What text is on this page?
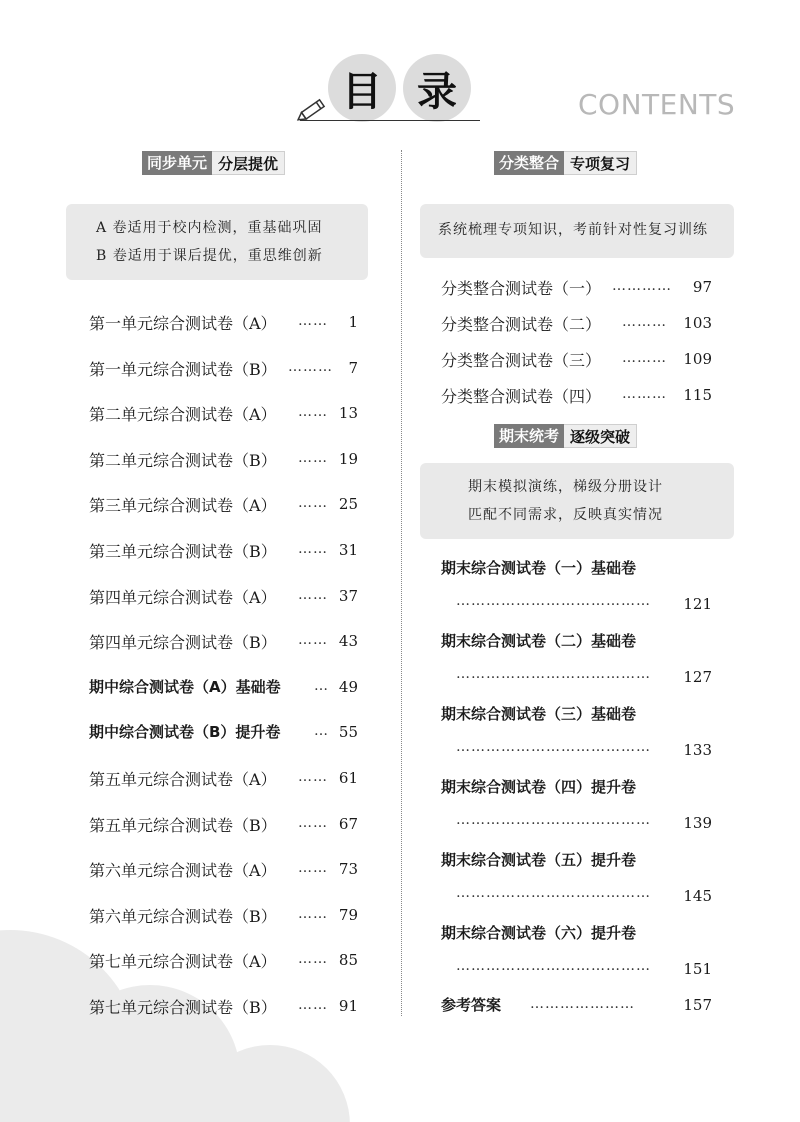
目 录	CONTENTS
同步单元 分层提优
A 卷适用于校内检测，重基础巩固
B 卷适用于课后提优，重思维创新
第一单元综合测试卷（A） ……	1
第一单元综合测试卷（B） ………	7
第二单元综合测试卷（A） …… 13
第二单元综合测试卷（B） …… 19
第三单元综合测试卷（A） …… 25
第三单元综合测试卷（B） …… 31
第四单元综合测试卷（A） …… 37
第四单元综合测试卷（B） …… 43
期中综合测试卷（A）基础卷 … 49
期中综合测试卷（B）提升卷 … 55
第五单元综合测试卷（A） …… 61
第五单元综合测试卷（B） …… 67
第六单元综合测试卷（A） …… 73
第六单元综合测试卷（B） …… 79
第七单元综合测试卷（A） …… 85
第七单元综合测试卷（B） …… 91
分类整合 专项复习
系统梳理专项知识，考前针对性复习训练
分类整合测试卷（一） …………	97
分类整合测试卷（二） ………	103
分类整合测试卷（三） ………	109
分类整合测试卷（四） ………	115
期末统考 逐级突破
期末模拟演练，梯级分册设计
匹配不同需求，反映真实情况
期末综合测试卷（一）基础卷
…………………………………	121
期末综合测试卷（二）基础卷
…………………………………	127
期末综合测试卷（三）基础卷
…………………………………	133
期末综合测试卷（四）提升卷
…………………………………	139
期末综合测试卷（五）提升卷
…………………………………	145
期末综合测试卷（六）提升卷
…………………………………	151
参考答案 …………………	157
